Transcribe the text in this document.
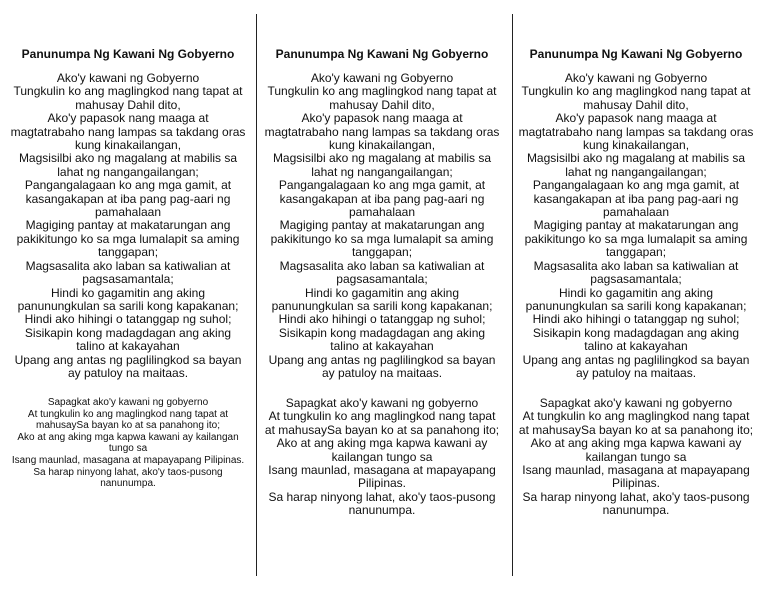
Panunumpa Ng Kawani Ng Gobyerno
Ako'y kawani ng Gobyerno
Tungkulin ko ang maglingkod nang tapat at mahusay Dahil dito,
Ako'y papasok nang maaga at magtatrabaho nang lampas sa takdang oras kung kinakailangan,
Magsisilbi ako ng magalang at mabilis sa lahat ng nangangailangan;
Pangangalagaan ko ang mga gamit, at kasangakapan at iba pang pag-aari ng pamahalaan
Magiging pantay at makatarungan ang pakikitungo ko sa mga lumalapit sa aming tanggapan;
Magsasalita ako laban sa katiwalian at pagsasamantala;
Hindi ko gagamitin ang aking panunungkulan sa sarili kong kapakanan;
Hindi ako hihingi o tatanggap ng suhol;
Sisikapin kong madagdagan ang aking talino at kakayahan
Upang ang antas ng paglilingkod sa bayan ay patuloy na maitaas.
Sapagkat ako'y kawani ng gobyerno
At tungkulin ko ang maglingkod nang tapat at mahusaySa bayan ko at sa panahong ito;
Ako at ang aking mga kapwa kawani ay kailangan tungo sa
Isang maunlad, masagana at mapayapang Pilipinas.
Sa harap ninyong lahat, ako'y taos-pusong nanunumpa.
Panunumpa Ng Kawani Ng Gobyerno
Ako'y kawani ng Gobyerno
Tungkulin ko ang maglingkod nang tapat at mahusay Dahil dito,
Ako'y papasok nang maaga at magtatrabaho nang lampas sa takdang oras kung kinakailangan,
Magsisilbi ako ng magalang at mabilis sa lahat ng nangangailangan;
Pangangalagaan ko ang mga gamit, at kasangakapan at iba pang pag-aari ng pamahalaan
Magiging pantay at makatarungan ang pakikitungo ko sa mga lumalapit sa aming tanggapan;
Magsasalita ako laban sa katiwalian at pagsasamantala;
Hindi ko gagamitin ang aking panunungkulan sa sarili kong kapakanan;
Hindi ako hihingi o tatanggap ng suhol;
Sisikapin kong madagdagan ang aking talino at kakayahan
Upang ang antas ng paglilingkod sa bayan ay patuloy na maitaas.
Sapagkat ako'y kawani ng gobyerno
At tungkulin ko ang maglingkod nang tapat at mahusaySa bayan ko at sa panahong ito;
Ako at ang aking mga kapwa kawani ay kailangan tungo sa
Isang maunlad, masagana at mapayapang Pilipinas.
Sa harap ninyong lahat, ako'y taos-pusong nanunumpa.
Panunumpa Ng Kawani Ng Gobyerno
Ako'y kawani ng Gobyerno
Tungkulin ko ang maglingkod nang tapat at mahusay Dahil dito,
Ako'y papasok nang maaga at magtatrabaho nang lampas sa takdang oras kung kinakailangan,
Magsisilbi ako ng magalang at mabilis sa lahat ng nangangailangan;
Pangangalagaan ko ang mga gamit, at kasangakapan at iba pang pag-aari ng pamahalaan
Magiging pantay at makatarungan ang pakikitungo ko sa mga lumalapit sa aming tanggapan;
Magsasalita ako laban sa katiwalian at pagsasamantala;
Hindi ko gagamitin ang aking panunungkulan sa sarili kong kapakanan;
Hindi ako hihingi o tatanggap ng suhol;
Sisikapin kong madagdagan ang aking talino at kakayahan
Upang ang antas ng paglilingkod sa bayan ay patuloy na maitaas.
Sapagkat ako'y kawani ng gobyerno
At tungkulin ko ang maglingkod nang tapat at mahusaySa bayan ko at sa panahong ito;
Ako at ang aking mga kapwa kawani ay kailangan tungo sa
Isang maunlad, masagana at mapayapang Pilipinas.
Sa harap ninyong lahat, ako'y taos-pusong nanunumpa.
